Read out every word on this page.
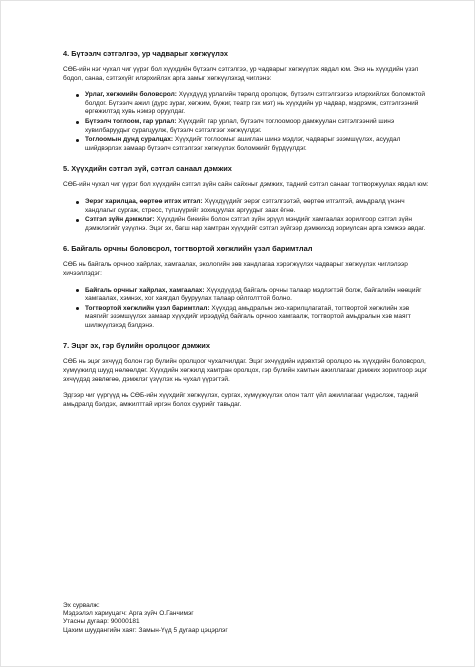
4. Бүтээлч сэтгэлгээ, ур чадварыг хөгжүүлэх

СӨБ-ийн нэг чухал чиг үүрэг бол хүүхдийн бүтээлч сэтгэлгээ, ур чадварыг хөгжүүлэх явдал юм. Энэ нь хүүхдийн үзэл бодол, санаа, сэтгэхүйг илэрхийлэх арга замыг хөгжүүлэхэд чиглэнэ:

Урлаг, хөгжмийн боловсрол: Хүүхдүүд урлагийн төрөлд оролцож, бүтээлч сэтгэлгээгээ илэрхийлэх боломжтой болдог. Бүтээлч ажил (дүрс зураг, хөгжим, бүжиг, театр гэх мэт) нь хүүхдийн ур чадвар, мэдрэмж, сэтгэлгээний өргөжилтэд хувь нэмэр оруулдаг.
Бүтээлч тоглоом, гар урлал: Хүүхдийг гар урлал, бүтээлч тоглоомоор дамжуулан сэтгэлгээний шинэ хувилбаруудыг сурагцуулж, бүтээлч сэтгэлгээг хөгжүүлдэг.
Тоглоомын дунд суралцах: Хүүхдийг тоглоомыг ашиглан шинэ мэдлэг, чадварыг эзэмшүүлэх, асуудал шийдвэрлэх замаар бүтээлч сэтгэлгээг хөгжүүлэх боломжийг бүрдүүлдэг.
5. Хүүхдийн сэтгэл зүй, сэтгэл санаал дэмжих

СӨБ-ийн чухал чиг үүрэг бол хүүхдийн сэтгэл зүйн сайн сайхныг дэмжих, тадний сэтгэл санааг тогтворжуулах явдал юм:

Эерэг харилцаа, өөртөө итгэх итгэл: Хүүхдүүдийг эерэг сэтгэлгээтэй, өөртөө итгэлтэй, амьдралд үнэнч хандлагыг сургаж, стресс, түгшүүрийг зохицуулах аргуудыг заах ёгнө.
Сэтгэл зүйн дэмжлэг: Хүүхдийн биеийн болон сэтгэл зүйн эрүүл мэндийг хамгаалах зорилгоор сэтгэл зүйн дэмжлэгийг үзүүлнэ. Эцэг эх, багш нар хамтран хүүхдийг сэтгэл зүйгээр дэмжихэд зориулсан арга хэмжээ авдаг.
6. Байгаль орчны боловсрол, тогтвортой хөгжлийн үзэл баримтлал

СӨБ нь байгаль орчноо хайрлах, хамгаалах, экологийн зөв хандлагаа хэрэгжүүлэх чадварыг хөгжүүлэх чиглэлээр хичээллэдэг:

Байгаль орчныг хайрлах, хамгаалах: Хүүхдүүдэд байгаль орчны талаар мэдлэгтэй болж, байгалийн нөөцийг хамгаалах, хэмнэх, хог хаягдал бууруулах талаар ойлголттой болно.
Тогтвортой хөгжлийн үзэл баримтлал: Хүүхдэд амьдралын эко-харилцлагатай, тогтвортой хөгжлийн хэв маягийг эзэмшүүлэх замаар хүүхдийг ирээдүйд байгаль орчноо хамгаалж, тогтвортой амьдралын хэв маягт шилжүүлэхэд бэлдэнэ.
7. Эцэг эх, гэр бүлийн оролцоог дэмжих

СӨБ нь эцэг эхчүүд болон гэр бүлийн оролцоог чухалчилдаг. Эцэг эхчүүдийн идэвхтэй оролцоо нь хүүхдийн боловсрол, хүмүүжилд шууд нөлөөлдөг. Хүүхдийн хөгжилд хамтран оролцох, гэр бүлийн хамтын ажиллагааг дэмжих зорилгоор эцэг эхчүүдэд зөвлөгөө, дэмжлэг үзүүлэх нь чухал үүрэгтэй.

Эдгээр чиг үүргүүд нь СӨБ-ийн хүүхдийг хөгжүүлэх, сургах, хүмүүжүүлэх олон талт үйл ажиллагааг үндэслэж, тадний амьдралд бэлдэх, амжилттай иргэн болох суурийг тавьдаг.

Эх сурвалж:
Мэдээлэл хариуцагч: Арга зүйч О.Ганчимэг
Утасны дугаар: 90000181
Цахим шуудангийн хаяг: Замын-Үүд 5 дугаар цэцэрлэг
